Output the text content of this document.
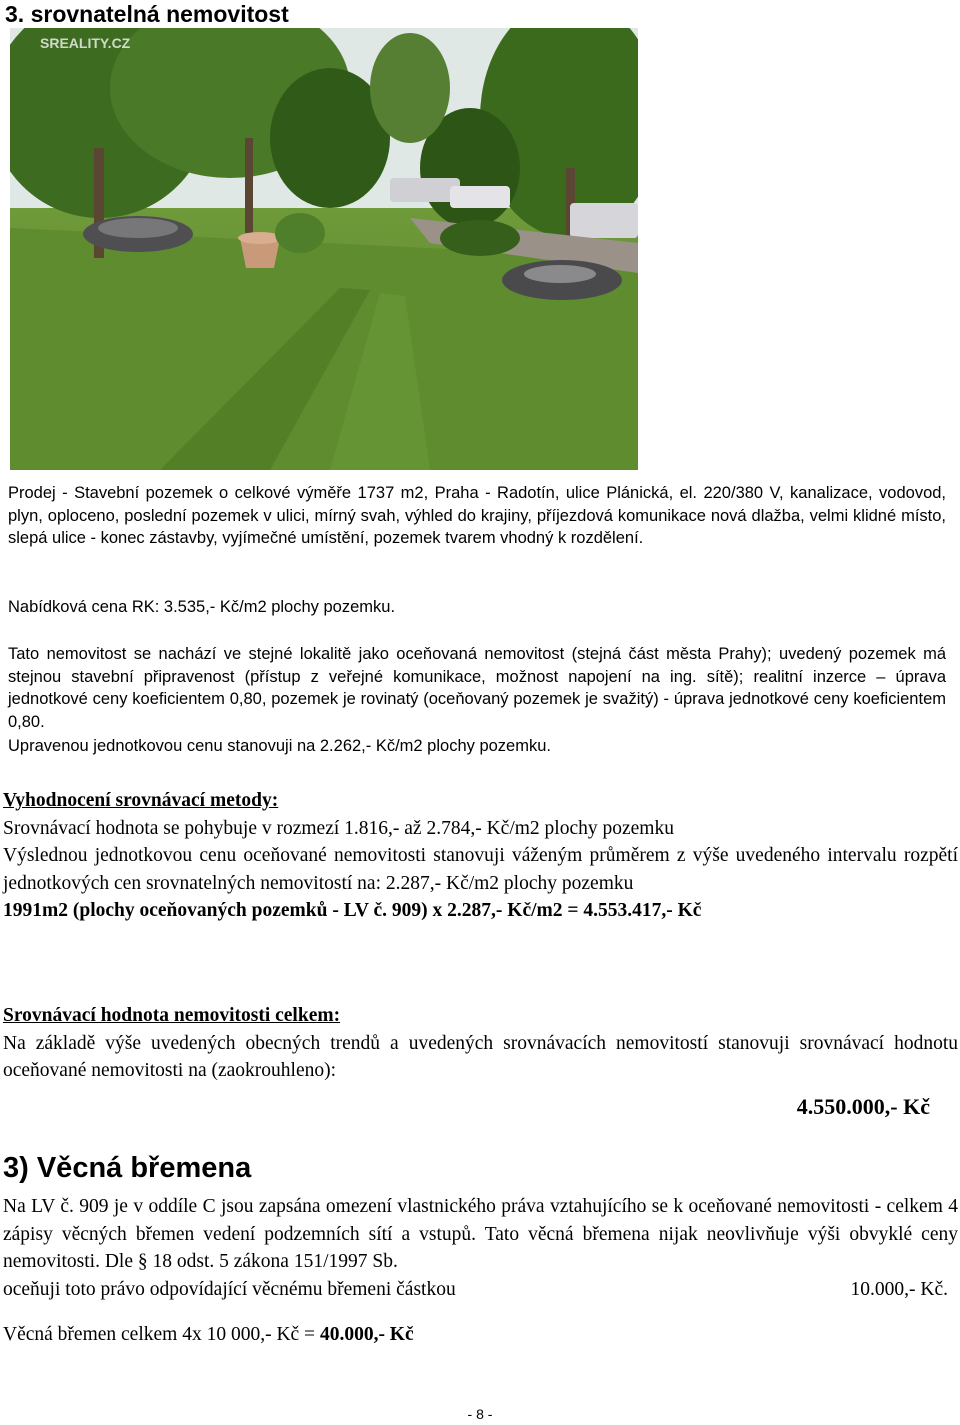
3. srovnatelná nemovitost
SREALITY.CZ
Prodej - Stavební pozemek o celkové výměře 1737 m2, Praha - Radotín, ulice Plánická, el. 220/380 V, kanalizace, vodovod, plyn, oploceno, poslední pozemek v ulici, mírný svah, výhled do krajiny, příjezdová komunikace nová dlažba, velmi klidné místo, slepá ulice - konec zástavby, vyjímečné umístění, pozemek tvarem vhodný k rozdělení.
Nabídková cena RK: 3.535,- Kč/m2 plochy pozemku.
Tato nemovitost se nachází ve stejné lokalitě jako oceňovaná nemovitost (stejná část města Prahy); uvedený pozemek má stejnou stavební připravenost (přístup z veřejné komunikace, možnost napojení na ing. sítě); realitní inzerce – úprava jednotkové ceny koeficientem 0,80, pozemek je rovinatý (oceňovaný pozemek je svažitý) - úprava jednotkové ceny koeficientem 0,80.
Upravenou jednotkovou cenu stanovuji na 2.262,- Kč/m2 plochy pozemku.
Vyhodnocení srovnávací metody:
Srovnávací hodnota se pohybuje v rozmezí 1.816,- až 2.784,- Kč/m2 plochy pozemku
Výslednou jednotkovou cenu oceňované nemovitosti stanovuji váženým průměrem z výše uvedeného intervalu rozpětí jednotkových cen srovnatelných nemovitostí na: 2.287,- Kč/m2 plochy pozemku
1991m2 (plochy oceňovaných pozemků - LV č. 909) x 2.287,- Kč/m2 = 4.553.417,- Kč
Srovnávací hodnota nemovitosti celkem:
Na základě výše uvedených obecných trendů a uvedených srovnávacích nemovitostí stanovuji srovnávací hodnotu oceňované nemovitosti na (zaokrouhleno):
4.550.000,- Kč
3) Věcná břemena
Na LV č. 909 je v oddíle C jsou zapsána omezení vlastnického práva vztahujícího se k oceňované nemovitosti - celkem 4 zápisy věcných břemen vedení podzemních sítí a vstupů. Tato věcná břemena nijak neovlivňuje výši obvyklé ceny nemovitosti. Dle § 18 odst. 5 zákona 151/1997 Sb.
oceňuji toto právo odpovídající věcnému břemeni částkou	10.000,- Kč.
Věcná břemen celkem 4x 10 000,- Kč = 40.000,- Kč
- 8 -
